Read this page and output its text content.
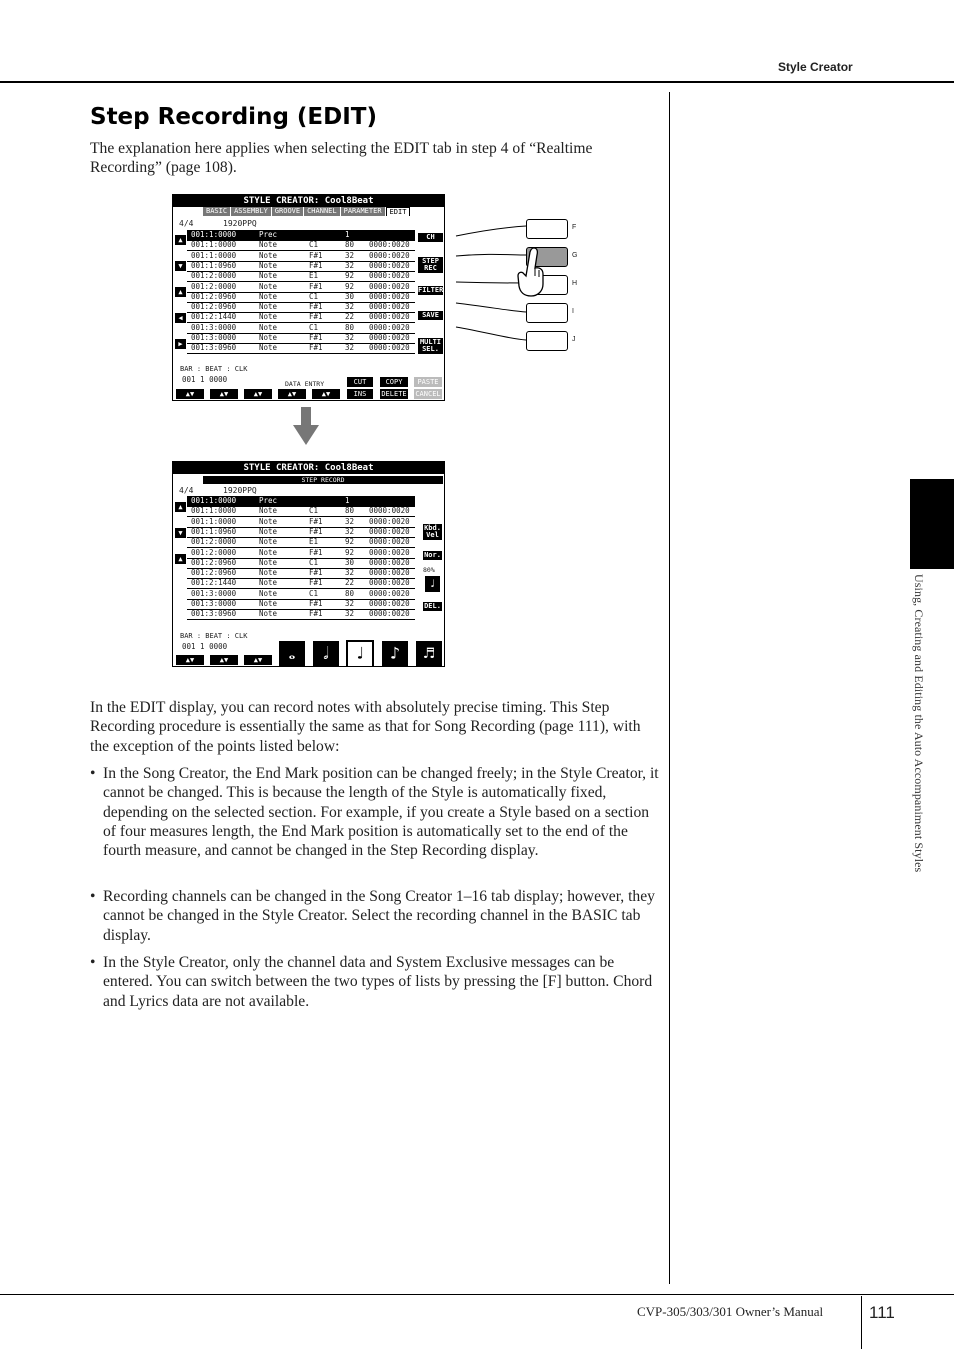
Style Creator
Using, Creating and Editing the Auto Accompaniment Styles
Step Recording (EDIT)
The explanation here applies when selecting the EDIT tab in step 4 of “Realtime Recording” (page 108).
STYLE CREATOR: Cool8Beat
BASIC	ASSEMBLY	GROOVE	CHANNEL	PARAMETER	EDIT
4/4	1920PPQ
001:1:0000	Prec	1
001:1:0000	Note	C1	80 0000:0020
001:1:0000	Note	F#1	32 0000:0020
001:1:0960	Note	F#1	32 0000:0020
001:2:0000	Note	E1	92 0000:0020
001:2:0000	Note	F#1	92 0000:0020
001:2:0960	Note	C1	30 0000:0020
001:2:0960	Note	F#1	32 0000:0020
001:2:1440	Note	F#1	22 0000:0020
001:3:0000	Note	C1	80 0000:0020
001:3:0000	Note	F#1	32 0000:0020
001:3:0960	Note	F#1	32 0000:0020
▲
▼
▲
◀
▶
CH
STEP REC
FILTER
SAVE
MULTI SEL.
BAR : BEAT : CLK
001 1 0000	DATA ENTRY	CUT	COPY	PASTE
INS	DELETE CANCEL
▲▼	▲▼	▲▼	▲▼	▲▼
F
G
H
I
J
STYLE CREATOR: Cool8Beat
STEP RECORD
4/4	1920PPQ
001:1:0000	Prec	1
001:1:0000	Note	C1	80 0000:0020
001:1:0000	Note	F#1	32 0000:0020
001:1:0960	Note	F#1	32 0000:0020
001:2:0000	Note	E1	92 0000:0020
001:2:0000	Note	F#1	92 0000:0020
001:2:0960	Note	C1	30 0000:0020
001:2:0960	Note	F#1	32 0000:0020
001:2:1440	Note	F#1	22 0000:0020
001:3:0000	Note	C1	80 0000:0020
001:3:0000	Note	F#1	32 0000:0020
001:3:0960	Note	F#1	32 0000:0020
▲
▼
▲
Kbd. Vel
Nor.
80%
♩
DEL.
BAR : BEAT : CLK
001 1 0000
▲▼	▲▼	▲▼	𝅝	𝅗𝅥	♩	♪	♬
In the EDIT display, you can record notes with absolutely precise timing. This Step Recording procedure is essentially the same as that for Song Recording (page 111), with the exception of the points listed below:
• In the Song Creator, the End Mark position can be changed freely; in the Style Creator, it cannot be changed. This is because the length of the Style is automatically fixed, depending on the selected section. For example, if you create a Style based on a section of four measures length, the End Mark position is automatically set to the end of the fourth measure, and cannot be changed in the Step Recording display.
• Recording channels can be changed in the Song Creator 1–16 tab display; however, they cannot be changed in the Style Creator. Select the recording channel in the BASIC tab display.
• In the Style Creator, only the channel data and System Exclusive messages can be entered. You can switch between the two types of lists by pressing the [F] button. Chord and Lyrics data are not available.
CVP-305/303/301 Owner’s Manual	111
